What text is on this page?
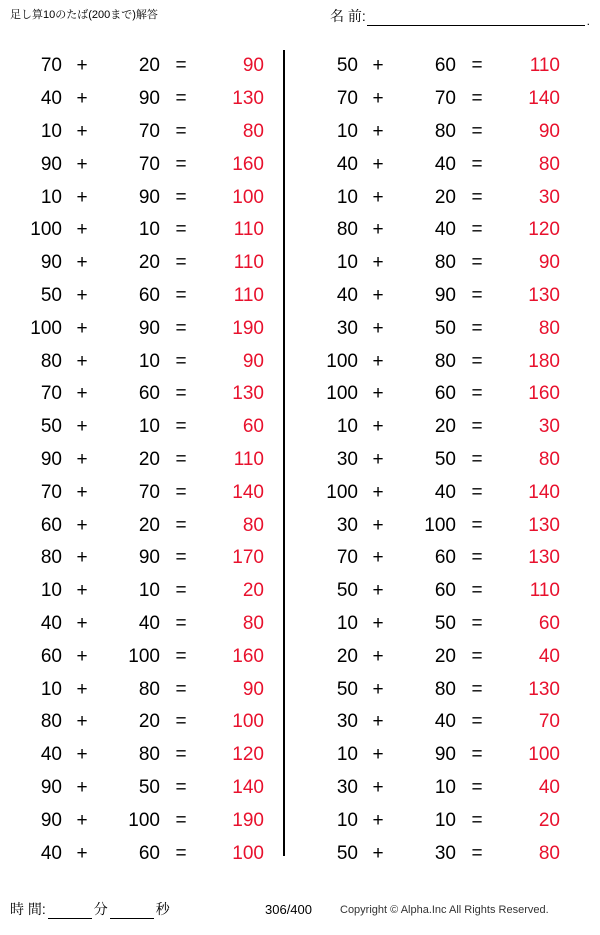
足し算10のたば(200まで)解答	名 前:	.
70 +	20 =	90
40 +	90 =	130
10 +	70 =	80
90 +	70 =	160
10 +	90 =	100
100 +	10 =	110
90 +	20 =	110
50 +	60 =	110
100 +	90 =	190
80 +	10 =	90
70 +	60 =	130
50 +	10 =	60
90 +	20 =	110
70 +	70 =	140
60 +	20 =	80
80 +	90 =	170
10 +	10 =	20
40 +	40 =	80
60 +	100 =	160
10 +	80 =	90
80 +	20 =	100
40 +	80 =	120
90 +	50 =	140
90 +	100 =	190
40 +	60 =	100
50 +	60 =	110
70 +	70 =	140
10 +	80 =	90
40 +	40 =	80
10 +	20 =	30
80 +	40 =	120
10 +	80 =	90
40 +	90 =	130
30 +	50 =	80
100 +	80 =	180
100 +	60 =	160
10 +	20 =	30
30 +	50 =	80
100 +	40 =	140
30 +	100 =	130
70 +	60 =	130
50 +	60 =	110
10 +	50 =	60
20 +	20 =	40
50 +	80 =	130
30 +	40 =	70
10 +	90 =	100
30 +	10 =	40
10 +	10 =	20
50 +	30 =	80
時 間:	分	秒	306/400	Copyright © Alpha.Inc All Rights Reserved.
